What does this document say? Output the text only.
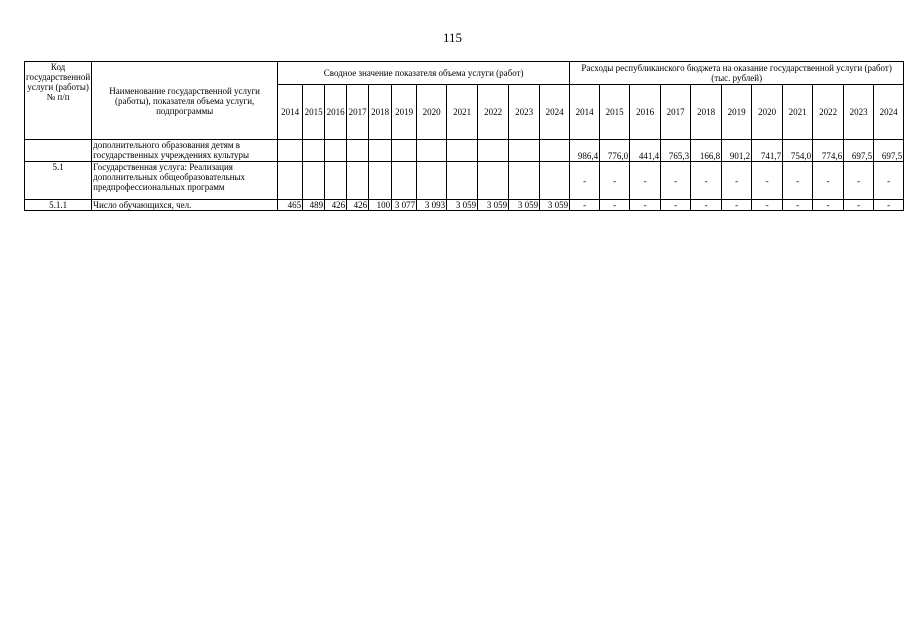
115
Код государственной услуги (работы) № п/п	Наименование государственной услуги (работы), показателя объема услуги, подпрограммы	Сводное значение показателя объема услуги (работ)											Расходы республиканского бюджета на оказание государственной услуги (работ) (тыс. рублей)										
		2014	2015	2016	2017	2018	2019	2020	2021	2022	2023	2024	2014	2015	2016	2017	2018	2019	2020	2021	2022	2023	2024
	дополнительного образования детям в государственных учреждениях культуры												986,4	776,0	441,4	765,3	166,8	901,2	741,7	754,0	774,6	697,5	697,5
5.1	Государственная услуга: Реализация дополнительных общеобразовательных предпрофессиональных программ												-	-	-	-	-	-	-	-	-	-	-
5.1.1	Число обучающихся, чел.	465	489	426	426	100	3 077	3 093	3 059	3 059	3 059	3 059	-	-	-	-	-	-	-	-	-	-	-
